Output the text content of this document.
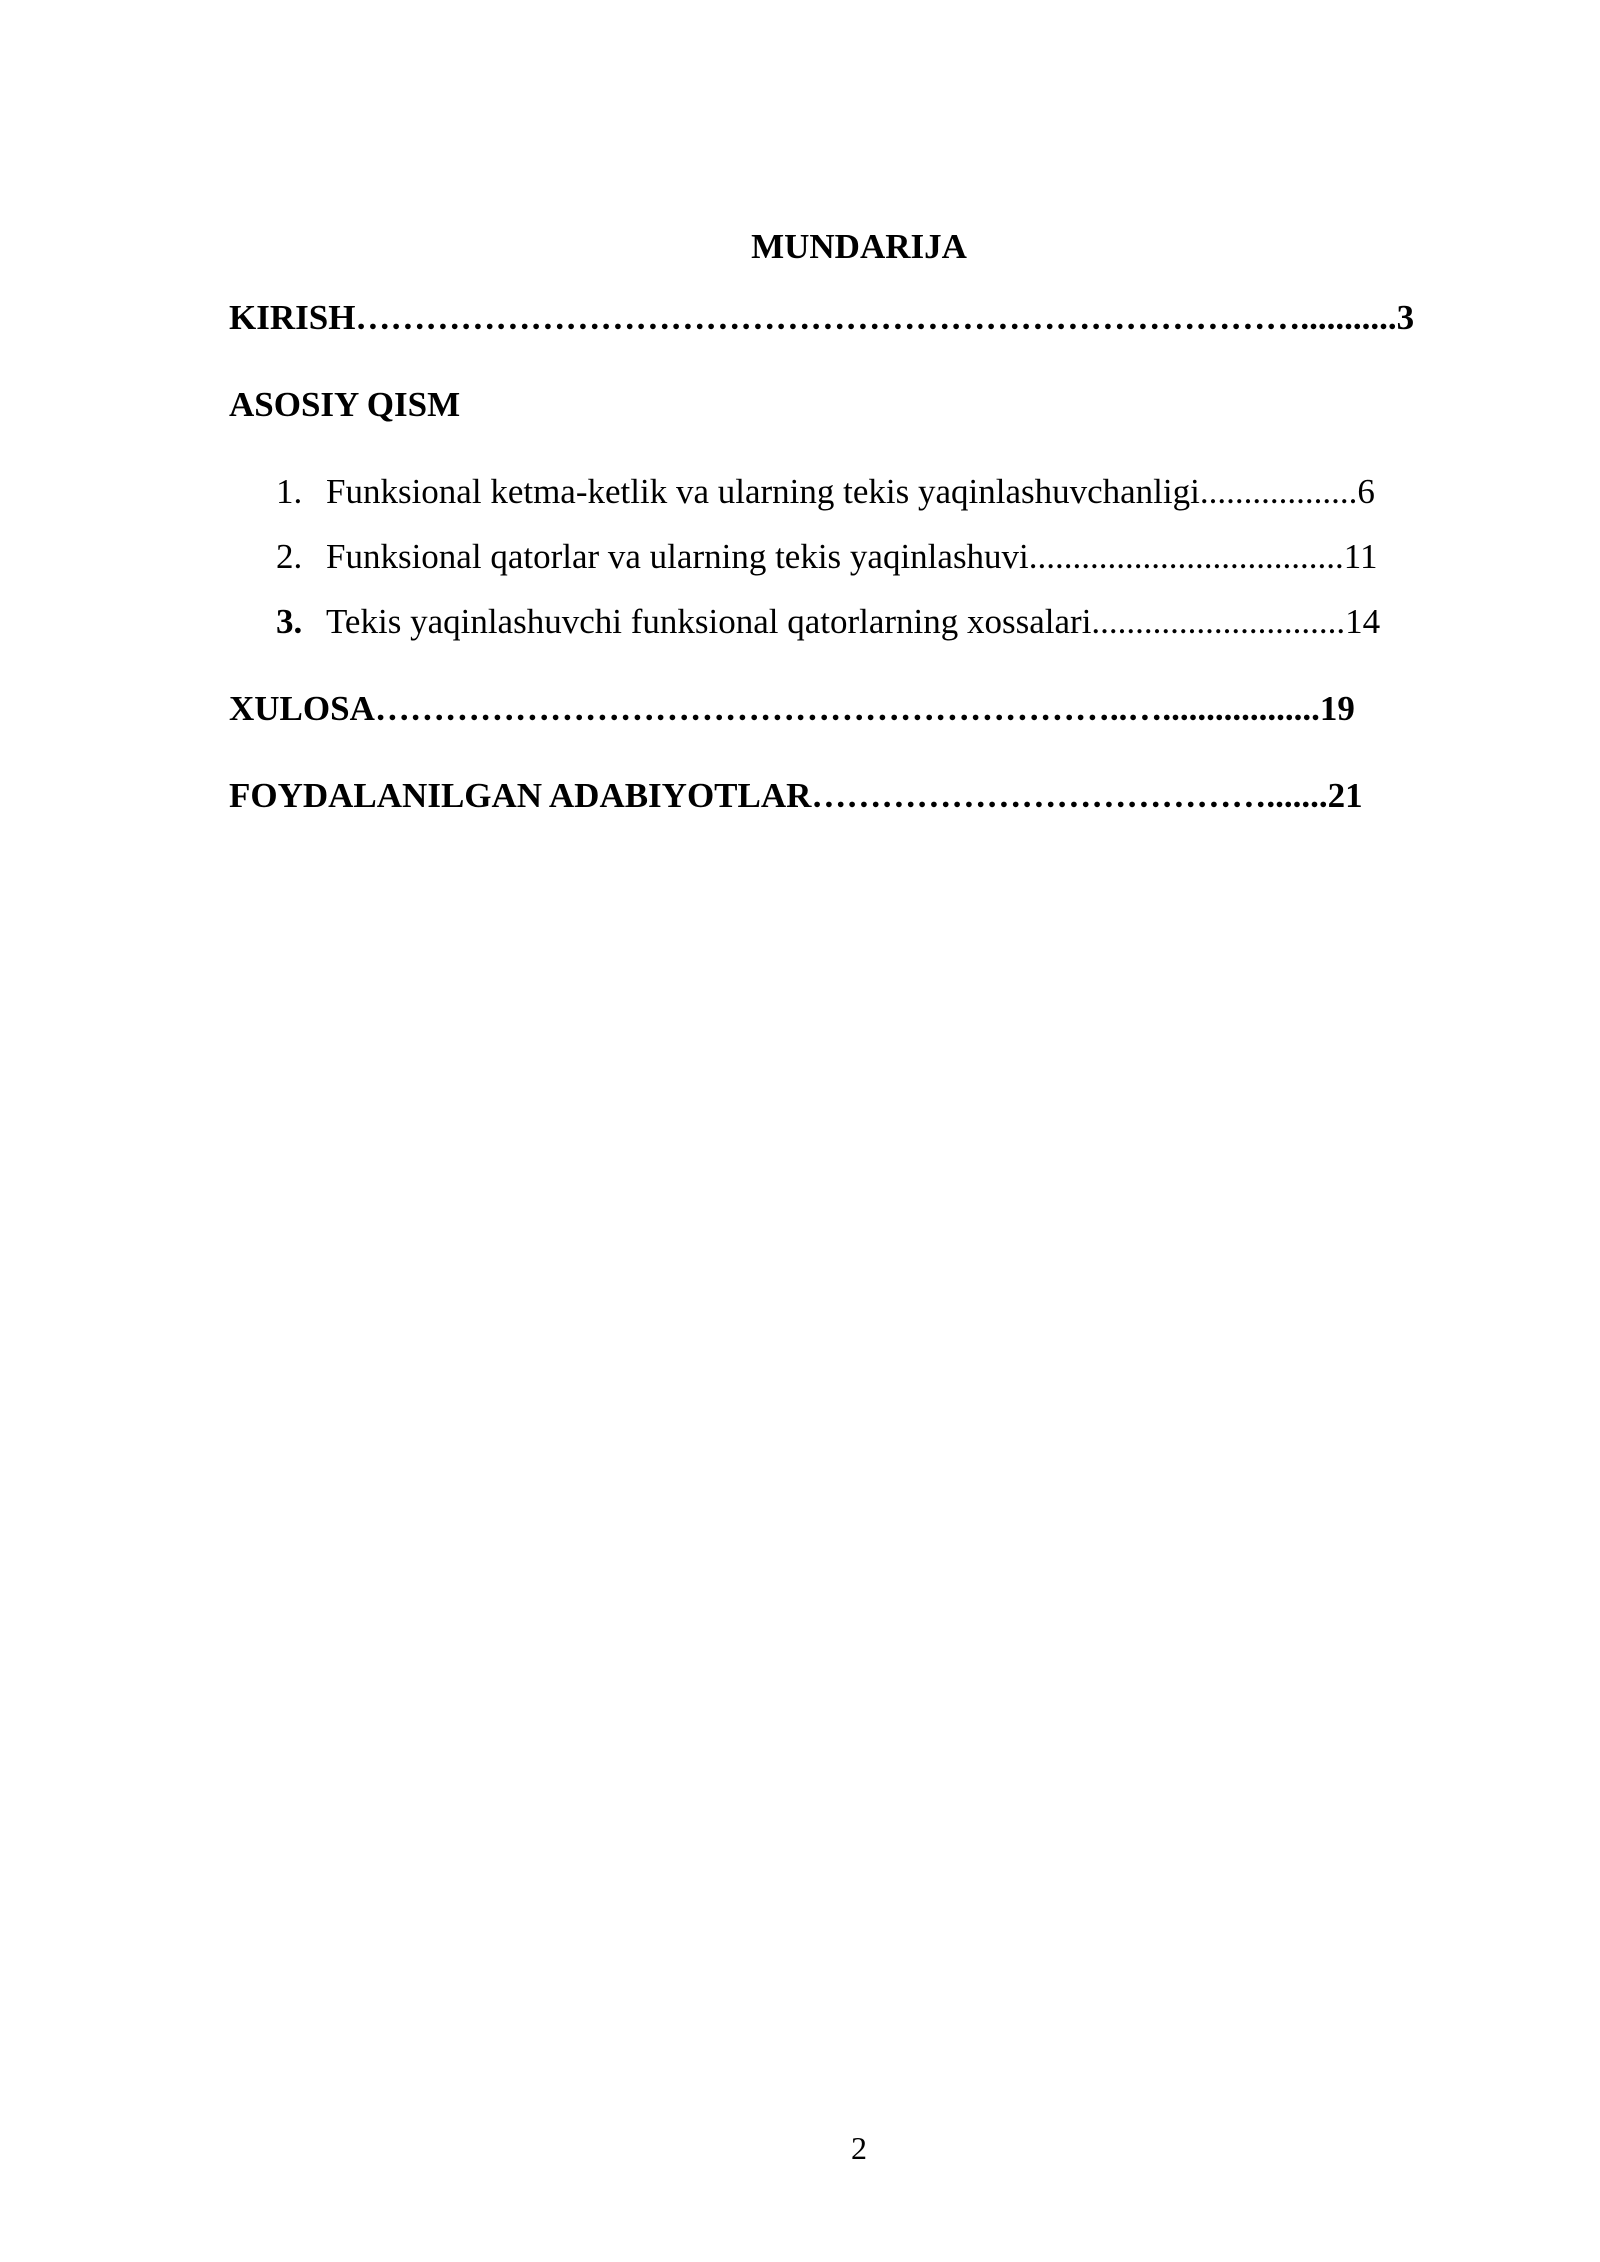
MUNDARIJA
KIRISH………………………………………………………………………...........3
ASOSIY QISM
1. Funksional ketma-ketlik va ularning tekis yaqinlashuvchanligi..................6
2. Funksional qatorlar va ularning tekis yaqinlashuvi....................................11
3. Tekis yaqinlashuvchi funksional qatorlarning xossalari.............................14
XULOSA………………………………………………………..…..................19
FOYDALANILGAN ADABIYOTLAR………………………………….......21
2
